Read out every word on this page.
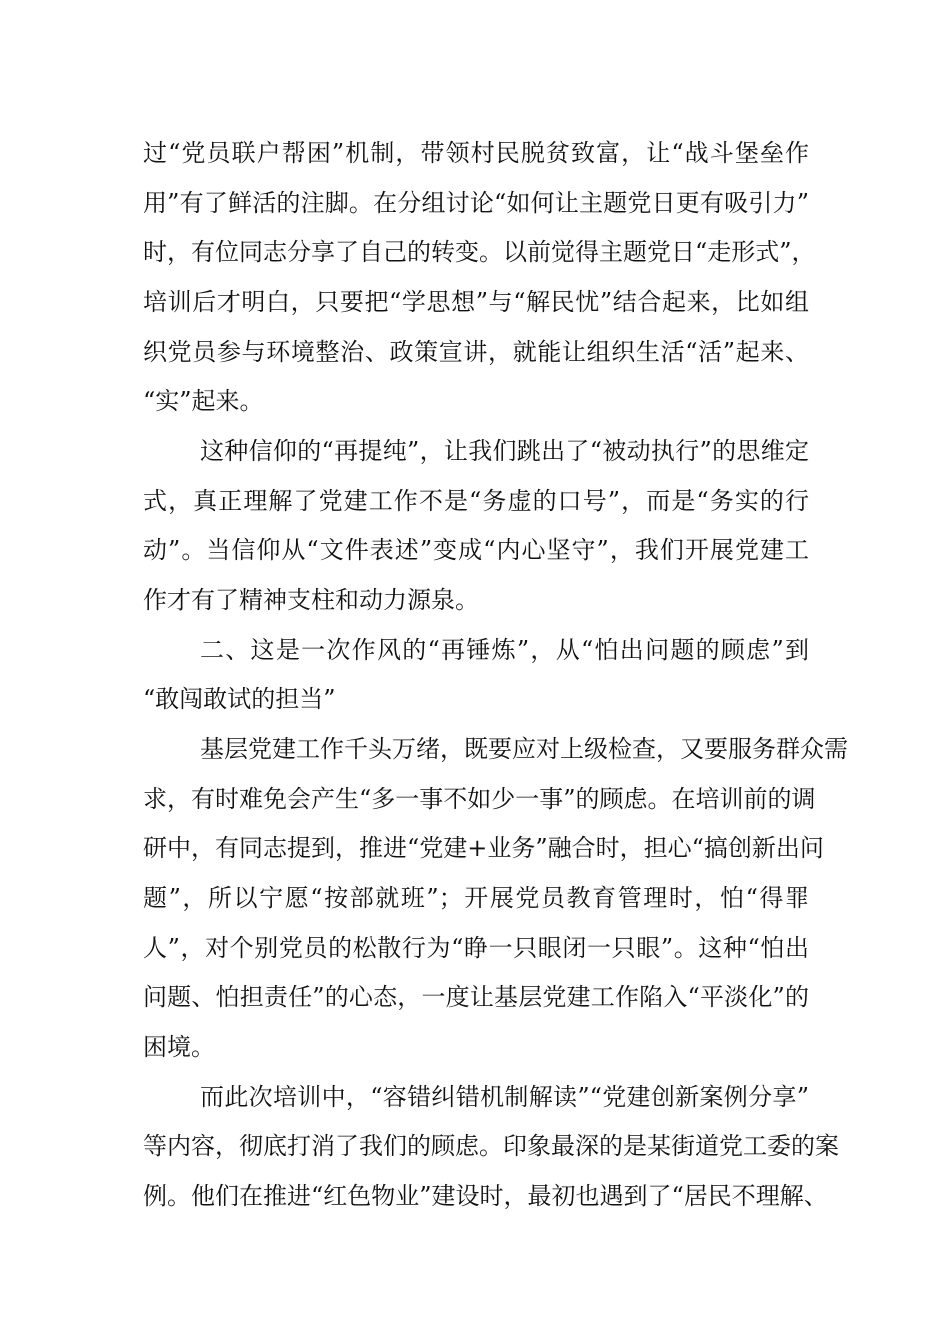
过“党员联户帮困”机制，带领村民脱贫致富，让“战斗堡垒作
用”有了鲜活的注脚。在分组讨论“如何让主题党日更有吸引力”
时，有位同志分享了自己的转变。以前觉得主题党日“走形式”，
培训后才明白，只要把“学思想”与“解民忧”结合起来，比如组
织党员参与环境整治、政策宣讲，就能让组织生活“活”起来、
“实”起来。
这种信仰的“再提纯”，让我们跳出了“被动执行”的思维定
式，真正理解了党建工作不是“务虚的口号”，而是“务实的行
动”。当信仰从“文件表述”变成“内心坚守”，我们开展党建工
作才有了精神支柱和动力源泉。
二、这是一次作风的“再锤炼”，从“怕出问题的顾虑”到
“敢闯敢试的担当”
基层党建工作千头万绪，既要应对上级检查，又要服务群众需
求，有时难免会产生“多一事不如少一事”的顾虑。在培训前的调
研中，有同志提到，推进“党建+业务”融合时，担心“搞创新出问
题”，所以宁愿“按部就班”；开展党员教育管理时，怕“得罪
人”，对个别党员的松散行为“睁一只眼闭一只眼”。这种“怕出
问题、怕担责任”的心态，一度让基层党建工作陷入“平淡化”的
困境。
而此次培训中，“容错纠错机制解读”“党建创新案例分享”
等内容，彻底打消了我们的顾虑。印象最深的是某街道党工委的案
例。他们在推进“红色物业”建设时，最初也遇到了“居民不理解、
